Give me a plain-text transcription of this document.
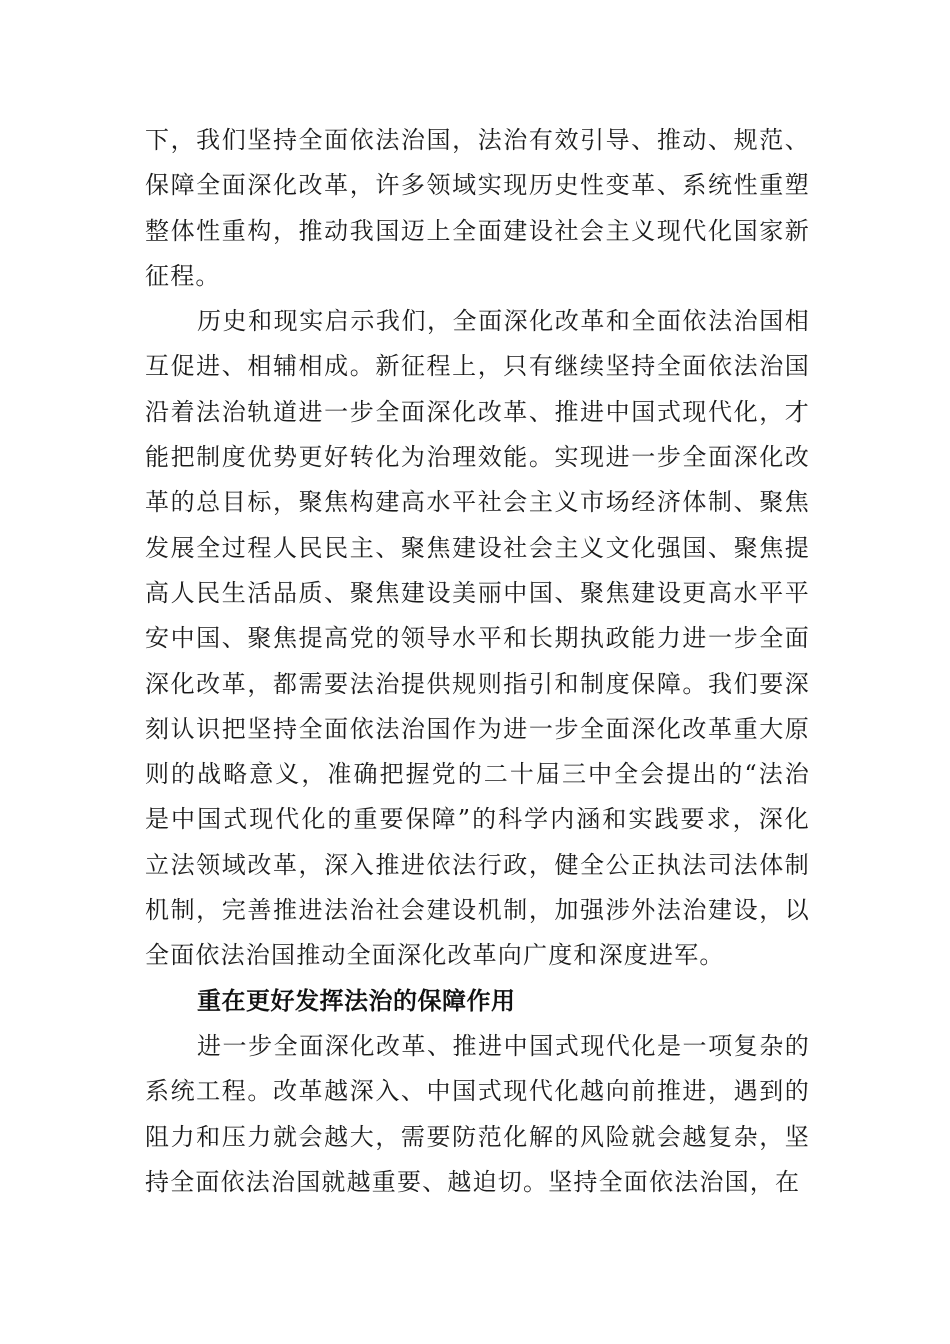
下，我们坚持全面依法治国，法治有效引导、推动、规范、保障全面深化改革，许多领域实现历史性变革、系统性重塑整体性重构，推动我国迈上全面建设社会主义现代化国家新征程。

历史和现实启示我们，全面深化改革和全面依法治国相互促进、相辅相成。新征程上，只有继续坚持全面依法治国沿着法治轨道进一步全面深化改革、推进中国式现代化，才能把制度优势更好转化为治理效能。实现进一步全面深化改革的总目标，聚焦构建高水平社会主义市场经济体制、聚焦发展全过程人民民主、聚焦建设社会主义文化强国、聚焦提高人民生活品质、聚焦建设美丽中国、聚焦建设更高水平平安中国、聚焦提高党的领导水平和长期执政能力进一步全面深化改革，都需要法治提供规则指引和制度保障。我们要深刻认识把坚持全面依法治国作为进一步全面深化改革重大原则的战略意义，准确把握党的二十届三中全会提出的“法治是中国式现代化的重要保障”的科学内涵和实践要求，深化立法领域改革，深入推进依法行政，健全公正执法司法体制机制，完善推进法治社会建设机制，加强涉外法治建设，以全面依法治国推动全面深化改革向广度和深度进军。

重在更好发挥法治的保障作用

进一步全面深化改革、推进中国式现代化是一项复杂的系统工程。改革越深入、中国式现代化越向前推进，遇到的阻力和压力就会越大，需要防范化解的风险就会越复杂，坚持全面依法治国就越重要、越迫切。坚持全面依法治国，在
